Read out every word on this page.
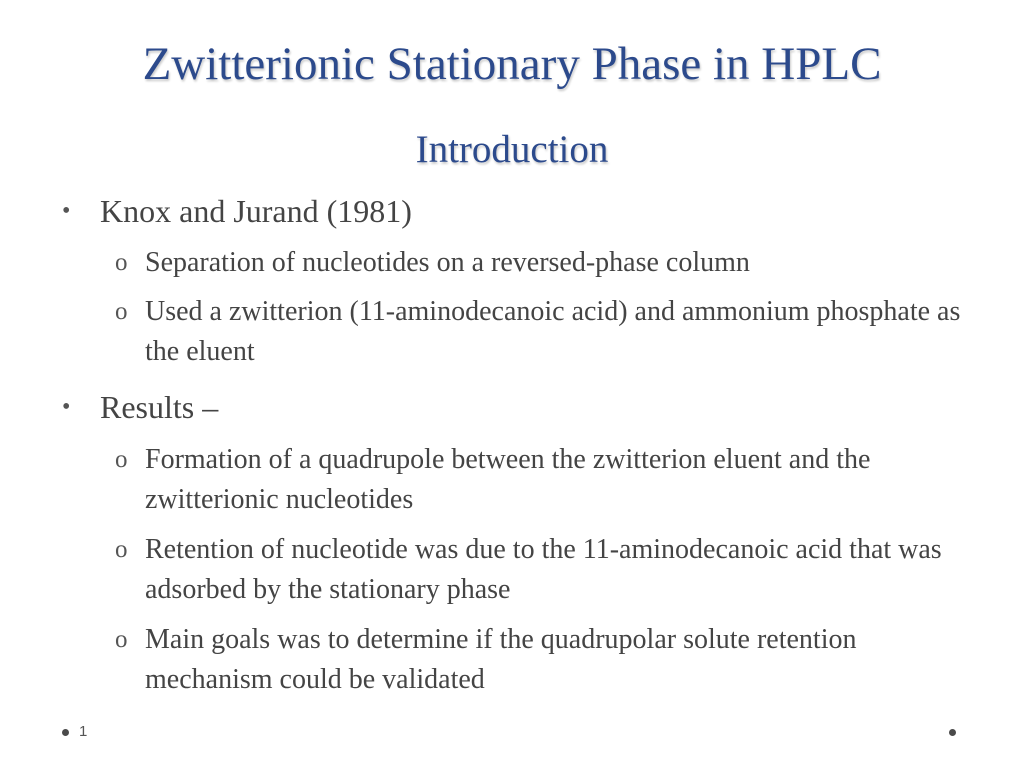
Zwitterionic Stationary Phase in HPLC
Introduction
• Knox and Jurand (1981)
o Separation of nucleotides on a reversed-phase column
o Used a zwitterion (11-aminodecanoic acid) and ammonium phosphate as the eluent
• Results –
o Formation of a quadrupole between the zwitterion eluent and the zwitterionic nucleotides
o Retention of nucleotide was due to the 11-aminodecanoic acid that was adsorbed by the stationary phase
o Main goals was to determine if the quadrupolar solute retention mechanism could be validated
1
